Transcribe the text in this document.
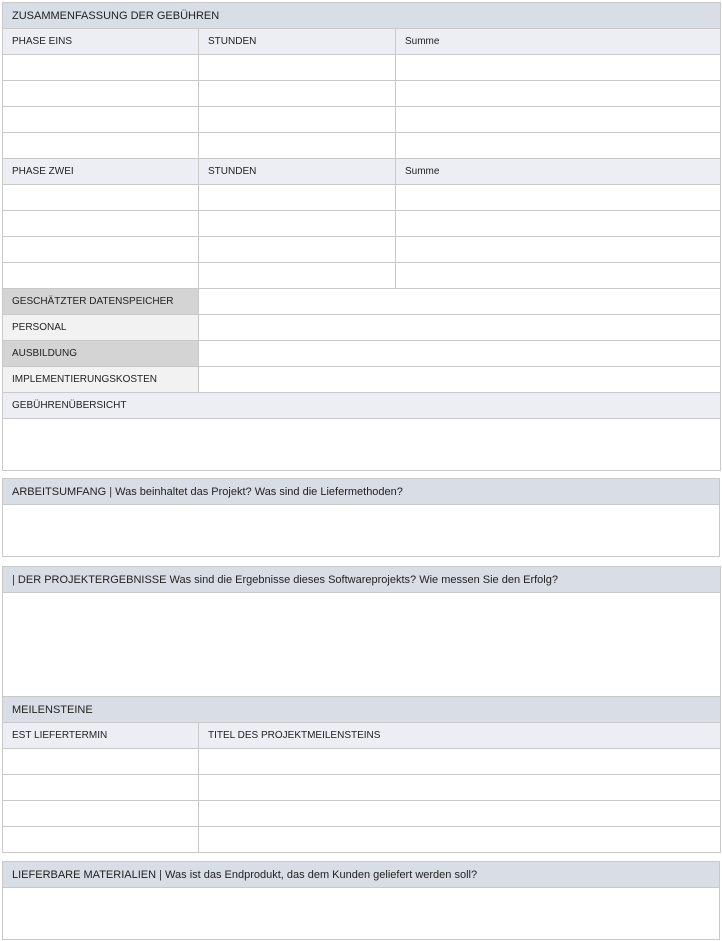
ZUSAMMENFASSUNG DER GEBÜHREN		
PHASE EINS	STUNDEN	Summe

PHASE ZWEI	STUNDEN	Summe

GESCHÄTZTER DATENSPEICHER		
PERSONAL		
AUSBILDUNG		
IMPLEMENTIERUNGSKOSTEN		
GEBÜHRENÜBERSICHT		

ARBEITSUMFANG | Was beinhaltet das Projekt? Was sind die Liefermethoden?

| DER PROJEKTERGEBNISSE Was sind die Ergebnisse dieses Softwareprojekts? Wie messen Sie den Erfolg?	

MEILENSTEINE	
EST LIEFERTERMIN	TITEL DES PROJEKTMEILENSTEINS

LIEFERBARE MATERIALIEN | Was ist das Endprodukt, das dem Kunden geliefert werden soll?
